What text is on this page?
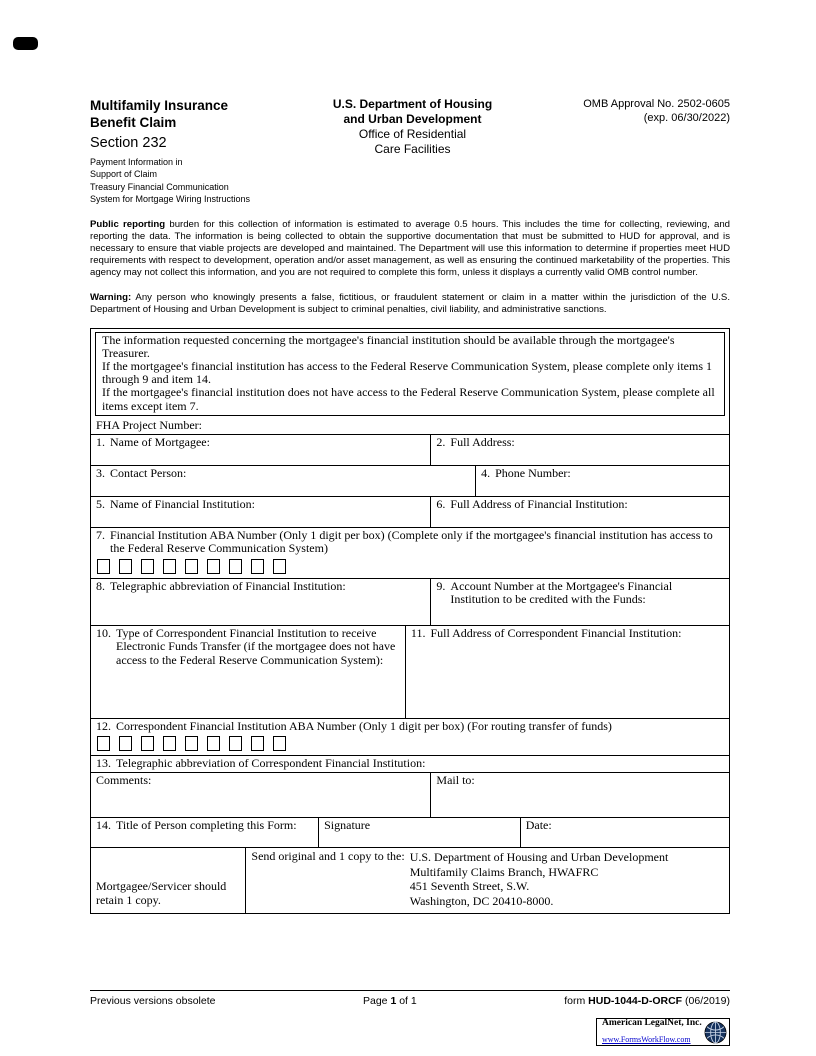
Multifamily Insurance
Benefit Claim
Section 232
Payment Information in
Support of Claim
Treasury Financial Communication
System for Mortgage Wiring Instructions
U.S. Department of Housing
and Urban Development
Office of Residential
Care Facilities
OMB Approval No. 2502-0605
(exp. 06/30/2022)

Public reporting burden for this collection of information is estimated to average 0.5 hours. This includes the time for collecting, reviewing, and reporting the data. The information is being collected to obtain the supportive documentation that must be submitted to HUD for approval, and is necessary to ensure that viable projects are developed and maintained. The Department will use this information to determine if properties meet HUD requirements with respect to development, operation and/or asset management, as well as ensuring the continued marketability of the properties. This agency may not collect this information, and you are not required to complete this form, unless it displays a currently valid OMB control number.

Warning: Any person who knowingly presents a false, fictitious, or fraudulent statement or claim in a matter within the jurisdiction of the U.S. Department of Housing and Urban Development is subject to criminal penalties, civil liability, and administrative sanctions.

The information requested concerning the mortgagee's financial institution should be available through the mortgagee's Treasurer.
If the mortgagee's financial institution has access to the Federal Reserve Communication System, please complete only items 1 through 9 and item 14.
If the mortgagee's financial institution does not have access to the Federal Reserve Communication System, please complete all items except item 7.
FHA Project Number:
1. Name of Mortgagee:	2. Full Address:
3. Contact Person:	4. Phone Number:
5. Name of Financial Institution:	6. Full Address of Financial Institution:
7. Financial Institution ABA Number (Only 1 digit per box) (Complete only if the mortgagee's financial institution has access to the Federal Reserve Communication System)
8. Telegraphic abbreviation of Financial Institution:	9. Account Number at the Mortgagee's Financial Institution to be credited with the Funds:
10. Type of Correspondent Financial Institution to receive Electronic Funds Transfer (if the mortgagee does not have access to the Federal Reserve Communication System):
11. Full Address of Correspondent Financial Institution:
12. Correspondent Financial Institution ABA Number (Only 1 digit per box) (For routing transfer of funds)
13. Telegraphic abbreviation of Correspondent Financial Institution:
Comments:	Mail to:
14. Title of Person completing this Form:	Signature	Date:
Mortgagee/Servicer should retain 1 copy.
Send original and 1 copy to the: U.S. Department of Housing and Urban Development
Multifamily Claims Branch, HWAFRC
451 Seventh Street, S.W.
Washington, DC 20410-8000.
Previous versions obsolete	Page 1 of 1	form HUD-1044-D-ORCF (06/2019)
American LegalNet, Inc.
www.FormsWorkFlow.com
